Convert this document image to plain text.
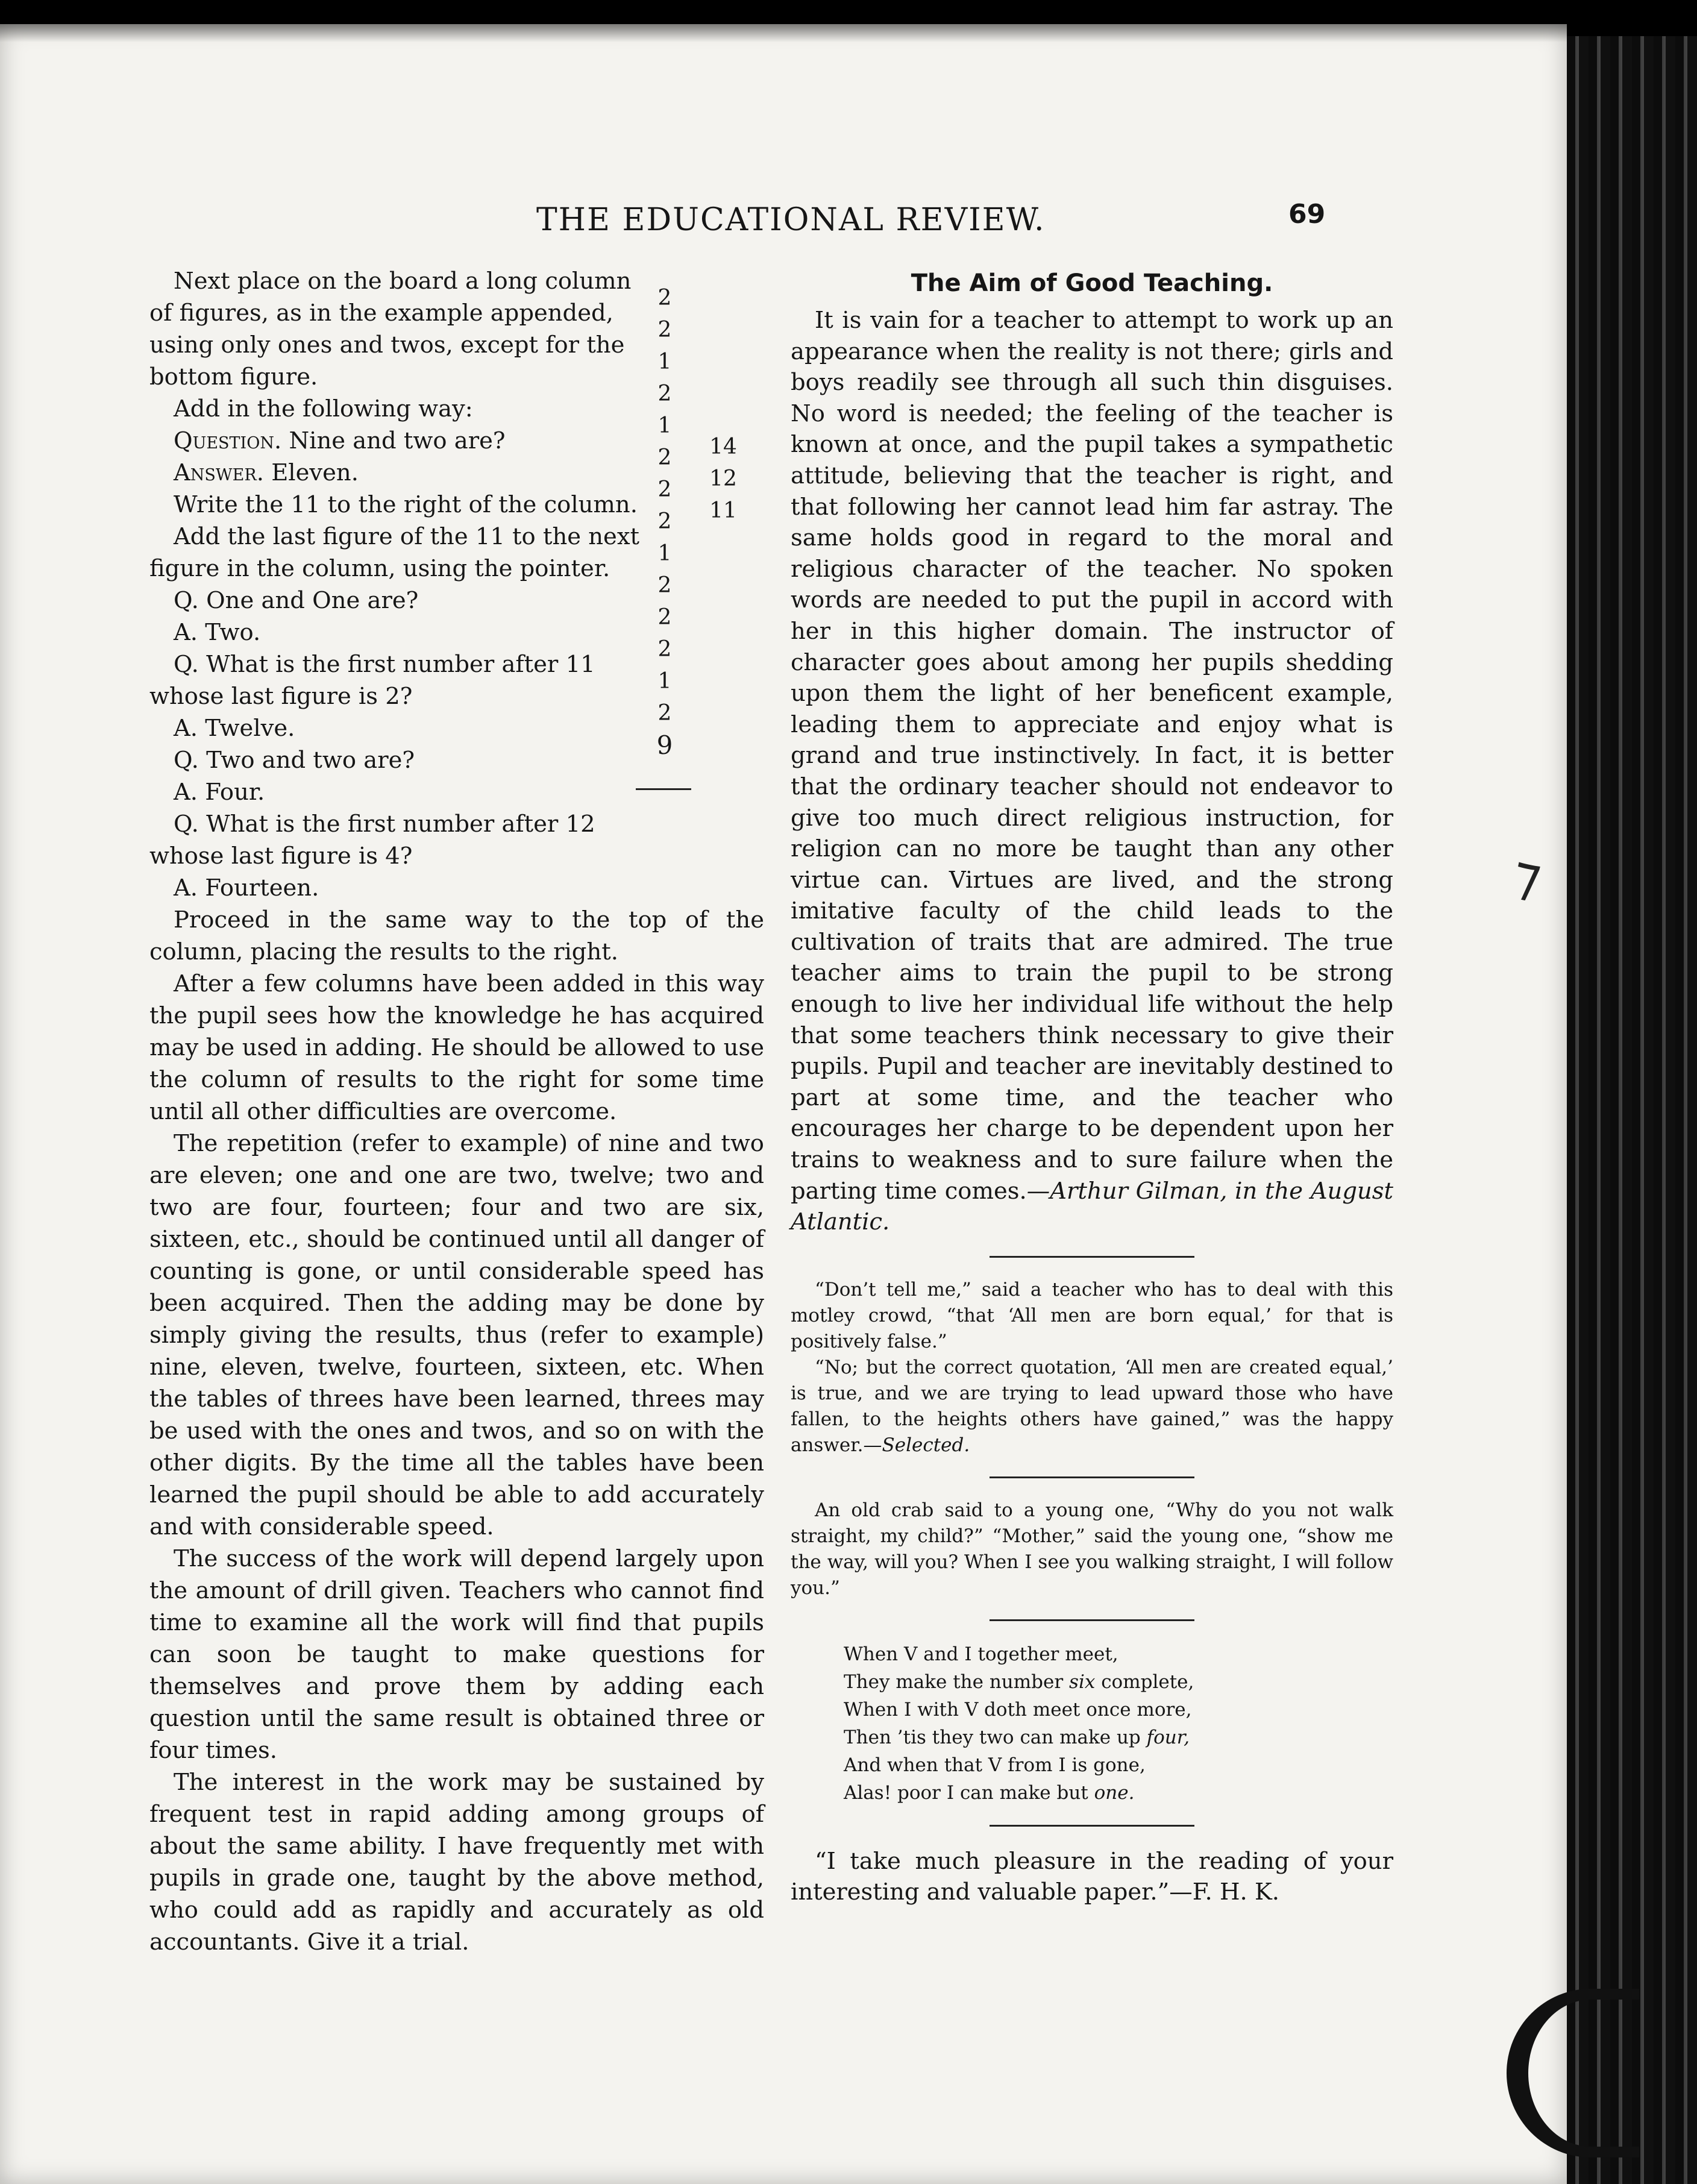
THE EDUCATIONAL REVIEW.	69
Next place on the board a long column
of figures, as in the example appended,
using only ones and twos, except for the
bottom figure.
Add in the following way:
Question. Nine and two are?
Answer. Eleven.
Write the 11 to the right of the column.
Add the last figure of the 11 to the next
figure in the column, using the pointer.
Q. One and One are?
A. Two.
Q. What is the first number after 11
whose last figure is 2?
A. Twelve.
Q. Two and two are?
A. Four.
Q. What is the first number after 12
whose last figure is 4?
A. Fourteen.

Proceed in the same way to the top of the column, placing the results to the right.

After a few columns have been added in this way the pupil sees how the knowledge he has acquired may be used in adding. He should be allowed to use the column of results to the right for some time until all other difficulties are overcome.

The repetition (refer to example) of nine and two are eleven; one and one are two, twelve; two and two are four, fourteen; four and two are six, sixteen, etc., should be continued until all danger of counting is gone, or until considerable speed has been acquired. Then the adding may be done by simply giving the results, thus (refer to example) nine, eleven, twelve, fourteen, sixteen, etc. When the tables of threes have been learned, threes may be used with the ones and twos, and so on with the other digits. By the time all the tables have been learned the pupil should be able to add accurately and with considerable speed.

The success of the work will depend largely upon the amount of drill given. Teachers who cannot find time to examine all the work will find that pupils can soon be taught to make questions for themselves and prove them by adding each question until the same result is obtained three or four times.

The interest in the work may be sustained by frequent test in rapid adding among groups of about the same ability. I have frequently met with pupils in grade one, taught by the above method, who could add as rapidly and accurately as old accountants. Give it a trial.

2
2
1
2
1
2
2
2
1
2
2
2
1
2
9
14
12
11
The Aim of Good Teaching.

It is vain for a teacher to attempt to work up an appearance when the reality is not there; girls and boys readily see through all such thin disguises. No word is needed; the feeling of the teacher is known at once, and the pupil takes a sympathetic attitude, believing that the teacher is right, and that following her cannot lead him far astray. The same holds good in regard to the moral and religious character of the teacher. No spoken words are needed to put the pupil in accord with her in this higher domain. The instructor of character goes about among her pupils shedding upon them the light of her beneficent example, leading them to appreciate and enjoy what is grand and true instinctively. In fact, it is better that the ordinary teacher should not endeavor to give too much direct religious instruction, for religion can no more be taught than any other virtue can. Virtues are lived, and the strong imitative faculty of the child leads to the cultivation of traits that are admired. The true teacher aims to train the pupil to be strong enough to live her individual life without the help that some teachers think necessary to give their pupils. Pupil and teacher are inevitably destined to part at some time, and the teacher who encourages her charge to be dependent upon her trains to weakness and to sure failure when the parting time comes.—Arthur Gilman, in the August Atlantic.

“Don’t tell me,” said a teacher who has to deal with this motley crowd, “that ‘All men are born equal,’ for that is positively false.”

“No; but the correct quotation, ‘All men are created equal,’ is true, and we are trying to lead upward those who have fallen, to the heights others have gained,” was the happy answer.—Selected.

An old crab said to a young one, “Why do you not walk straight, my child?” “Mother,” said the young one, “show me the way, will you? When I see you walking straight, I will follow you.”

When V and I together meet,
They make the number six complete,
When I with V doth meet once more,
Then ’tis they two can make up four,
And when that V from I is gone,
Alas! poor I can make but one.

“I take much pleasure in the reading of your interesting and valuable paper.”—F. H. K.

⁊
